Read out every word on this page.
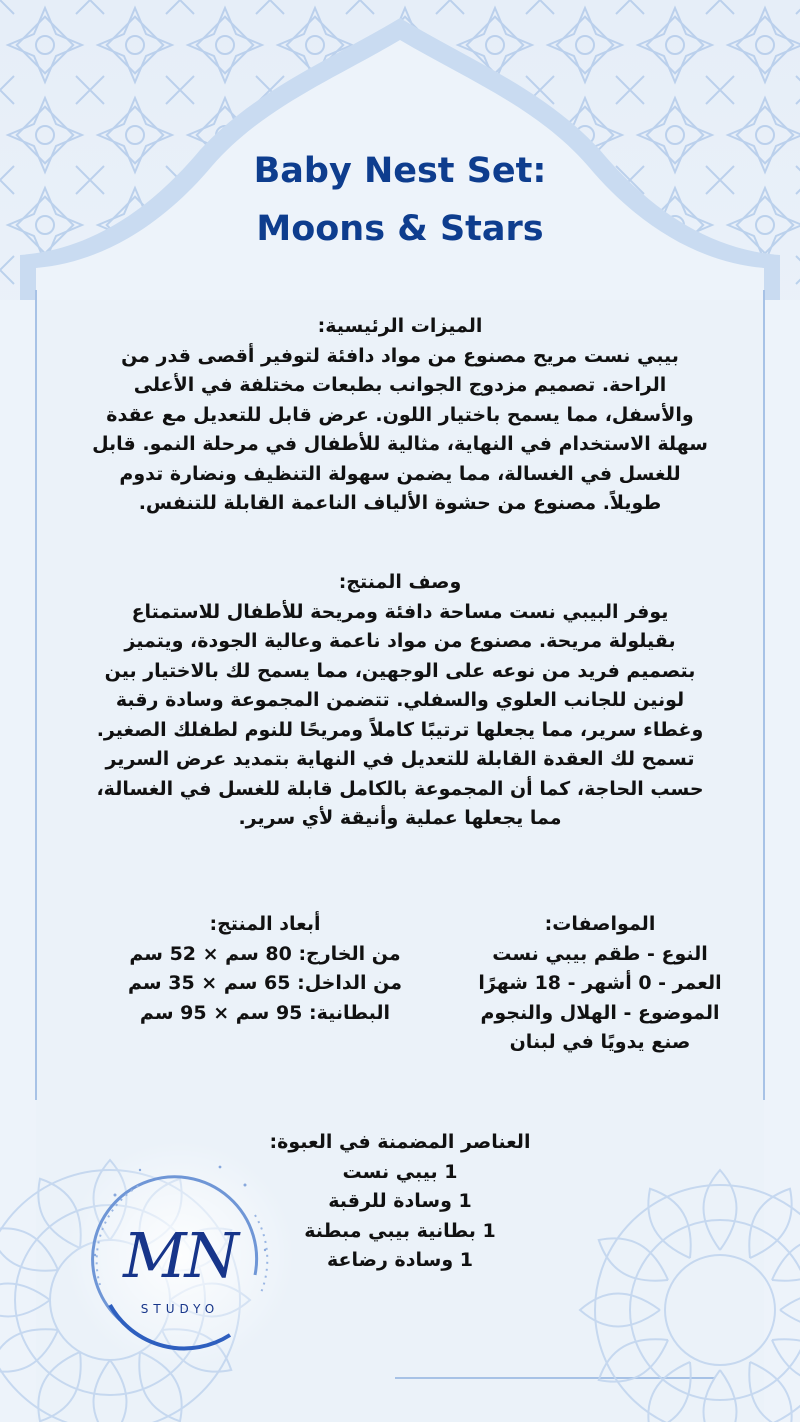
Baby Nest Set:
Moons & Stars

الميزات الرئيسية:

بيبي نست مريح مصنوع من مواد دافئة لتوفير أقصى قدر من

الراحة. تصميم مزدوج الجوانب بطبعات مختلفة في الأعلى

والأسفل، مما يسمح باختيار اللون. عرض قابل للتعديل مع عقدة

سهلة الاستخدام في النهاية، مثالية للأطفال في مرحلة النمو. قابل

للغسل في الغسالة، مما يضمن سهولة التنظيف ونضارة تدوم

طويلاً. مصنوع من حشوة الألياف الناعمة القابلة للتنفس.

وصف المنتج:

يوفر البيبي نست مساحة دافئة ومريحة للأطفال للاستمتاع

بقيلولة مريحة. مصنوع من مواد ناعمة وعالية الجودة، ويتميز

بتصميم فريد من نوعه على الوجهين، مما يسمح لك بالاختيار بين

لونين للجانب العلوي والسفلي. تتضمن المجموعة وسادة رقبة

وغطاء سرير، مما يجعلها ترتيبًا كاملاً ومريحًا للنوم لطفلك الصغير.

تسمح لك العقدة القابلة للتعديل في النهاية بتمديد عرض السرير

حسب الحاجة، كما أن المجموعة بالكامل قابلة للغسل في الغسالة،

مما يجعلها عملية وأنيقة لأي سرير.

المواصفات:

النوع - طقم بيبي نست

العمر - 0 أشهر - 18 شهرًا

الموضوع - الهلال والنجوم

صنع يدويًا في لبنان

أبعاد المنتج:

من الخارج: 80 سم × 52 سم

من الداخل: 65 سم × 35 سم

البطانية: 95 سم × 95 سم

العناصر المضمنة في العبوة:

1 بيبي نست

1 وسادة للرقبة

1 بطانية بيبي مبطنة

1 وسادة رضاعة

MN
STUDYO
